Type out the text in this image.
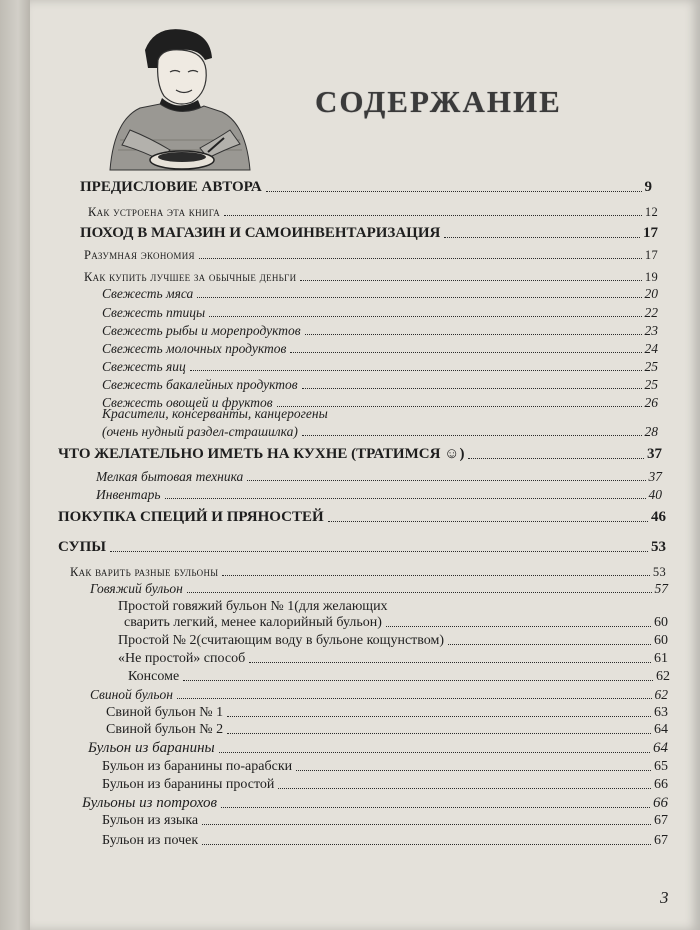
СОДЕРЖАНИЕ
ПРЕДИСЛОВИЕ АВТОРА	9
Как устроена эта книга	12
ПОХОД В МАГАЗИН И САМОИНВЕНТАРИЗАЦИЯ	17
Разумная экономия	17
Как купить лучшее за обычные деньги	19
Свежесть мяса	20
Свежесть птицы	22
Свежесть рыбы и морепродуктов	23
Свежесть молочных продуктов	24
Свежесть яиц	25
Свежесть бакалейных продуктов	25
Свежесть овощей и фруктов	26
Красители, консерванты, канцерогены
(очень нудный раздел-страшилка)	28
ЧТО ЖЕЛАТЕЛЬНО ИМЕТЬ НА КУХНЕ (ТРАТИМСЯ ☺)	37
Мелкая бытовая техника	37
Инвентарь	40
ПОКУПКА СПЕЦИЙ И ПРЯНОСТЕЙ	46
СУПЫ	53
Как варить разные бульоны	53
Говяжий бульон	57
Простой говяжий бульон № 1(для желающих
сварить легкий, менее калорийный бульон)	60
Простой № 2(считающим воду в бульоне кощунством)	60
«Не простой» способ	61
Консоме	62
Свиной бульон	62
Свиной бульон № 1	63
Свиной бульон № 2	64
Бульон из баранины	64
Бульон из баранины по-арабски	65
Бульон из баранины простой	66
Бульоны из потрохов	66
Бульон из языка	67
Бульон из почек	67
3
